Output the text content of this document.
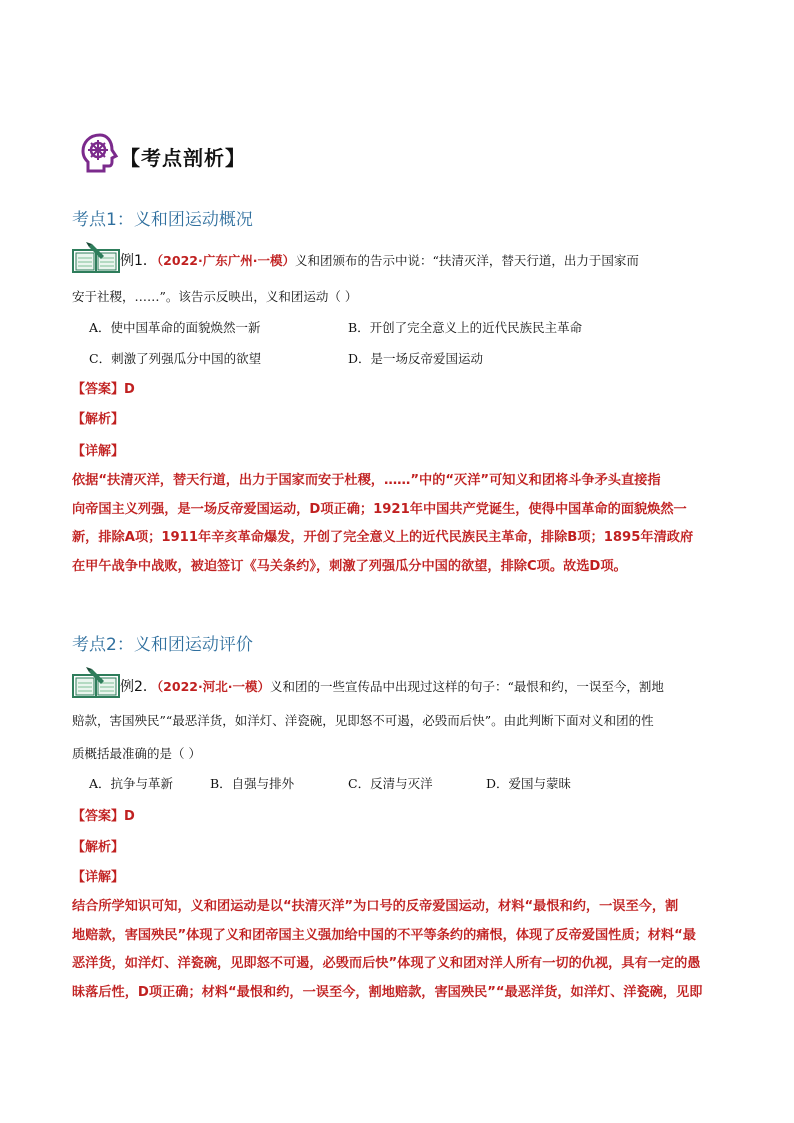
【考点剖析】
考点1：义和团运动概况
例1．（2022·广东广州·一模）义和团颁布的告示中说：“扶清灭洋，替天行道，出力于国家而
安于社稷，……”。该告示反映出，义和团运动（ ）
A．使中国革命的面貌焕然一新	B．开创了完全意义上的近代民族民主革命
C．刺激了列强瓜分中国的欲望	D．是一场反帝爱国运动
【答案】D
【解析】
【详解】
依据“扶清灭洋，替天行道，出力于国家而安于杜稷，……”中的“灭洋”可知义和团将斗争矛头直接指
向帝国主义列强，是一场反帝爱国运动，D项正确；1921年中国共产党诞生，使得中国革命的面貌焕然一
新，排除A项；1911年辛亥革命爆发，开创了完全意义上的近代民族民主革命，排除B项；1895年清政府
在甲午战争中战败，被迫签订《马关条约》，刺激了列强瓜分中国的欲望，排除C项。故选D项。
考点2：义和团运动评价
例2．（2022·河北·一模）义和团的一些宣传品中出现过这样的句子：“最恨和约，一误至今，割地
赔款，害国殃民”“最恶洋货，如洋灯、洋瓷碗，见即怒不可遏，必毁而后快”。由此判断下面对义和团的性
质概括最准确的是（ ）
A．抗争与革新	B．自强与排外	C．反清与灭洋	D．爱国与蒙昧
【答案】D
【解析】
【详解】
结合所学知识可知，义和团运动是以“扶清灭洋”为口号的反帝爱国运动，材料“最恨和约，一误至今，割
地赔款，害国殃民”体现了义和团帝国主义强加给中国的不平等条约的痛恨，体现了反帝爱国性质；材料“最
恶洋货，如洋灯、洋瓷碗，见即怒不可遏，必毁而后快”体现了义和团对洋人所有一切的仇视，具有一定的愚
昧落后性，D项正确；材料“最恨和约，一误至今，割地赔款，害国殃民”“最恶洋货，如洋灯、洋瓷碗，见即
